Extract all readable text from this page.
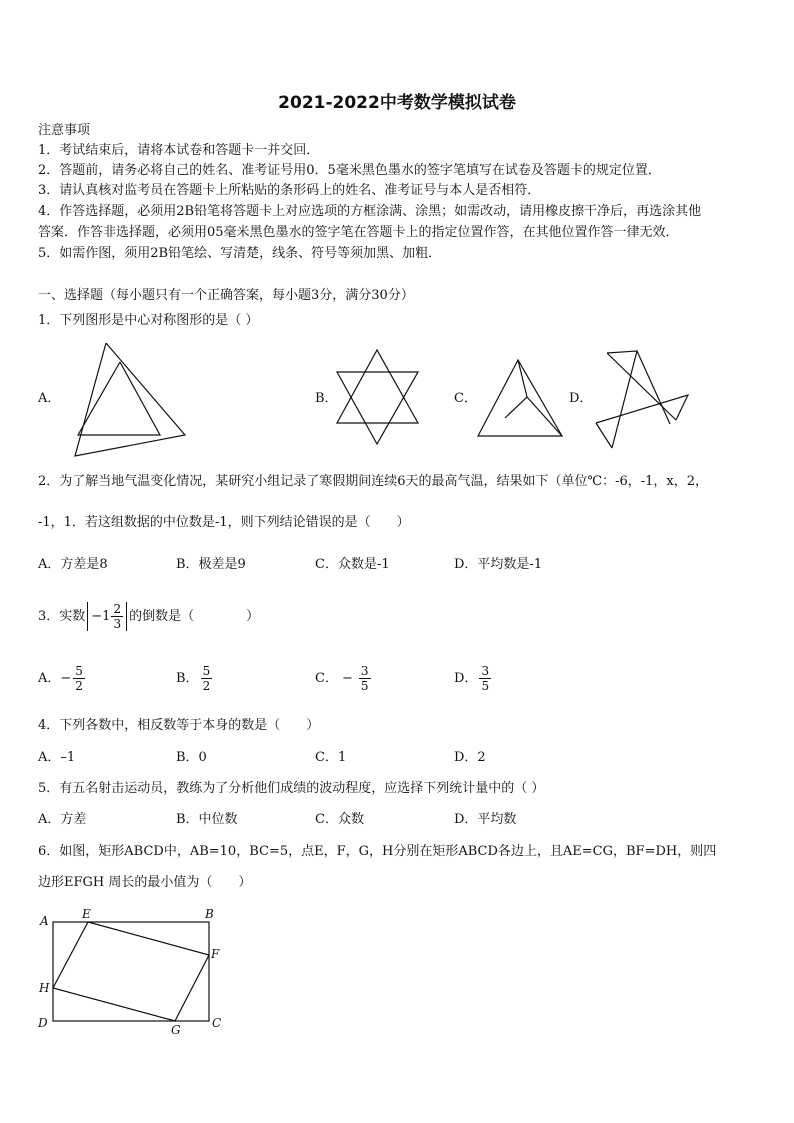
2021-2022中考数学模拟试卷
注意事项
1．考试结束后，请将本试卷和答题卡一并交回．
2．答题前，请务必将自己的姓名、准考证号用0．5毫米黑色墨水的签字笔填写在试卷及答题卡的规定位置．
3．请认真核对监考员在答题卡上所粘贴的条形码上的姓名、准考证号与本人是否相符．
4．作答选择题，必须用2B铅笔将答题卡上对应选项的方框涂满、涂黑；如需改动，请用橡皮擦干净后，再选涂其他
答案．作答非选择题，必须用05毫米黑色墨水的签字笔在答题卡上的指定位置作答，在其他位置作答一律无效．
5．如需作图，须用2B铅笔绘、写清楚，线条、符号等须加黑、加粗．
一、选择题（每小题只有一个正确答案，每小题3分，满分30分）
1．下列图形是中心对称图形的是（ ）
A．	B．	C．	D．
2．为了解当地气温变化情况，某研究小组记录了寒假期间连续6天的最高气温，结果如下（单位℃：-6，-1，x，2，
-1，1．若这组数据的中位数是-1，则下列结论错误的是（　　）
A．方差是8	B．极差是9	C．众数是-1	D．平均数是-1
3．实数 $-1 \frac{2}{3}$ 的倒数是（　　　　）
A．− $\frac{5}{2}$	B． $\frac{5}{2}$	C． − $\frac{3}{5}$	D． $\frac{3}{5}$
4．下列各数中，相反数等于本身的数是（　　）
A．–1	B．0	C．1	D．2
5．有五名射击运动员，教练为了分析他们成绩的波动程度，应选择下列统计量中的（ ）
A．方差	B．中位数	C．众数	D．平均数
6．如图，矩形ABCD中，AB=10，BC=5，点E，F，G，H分别在矩形ABCD各边上，且AE=CG，BF=DH，则四
边形EFGH 周长的最小值为（　　）
A	E	B
F
H
D	G	C
